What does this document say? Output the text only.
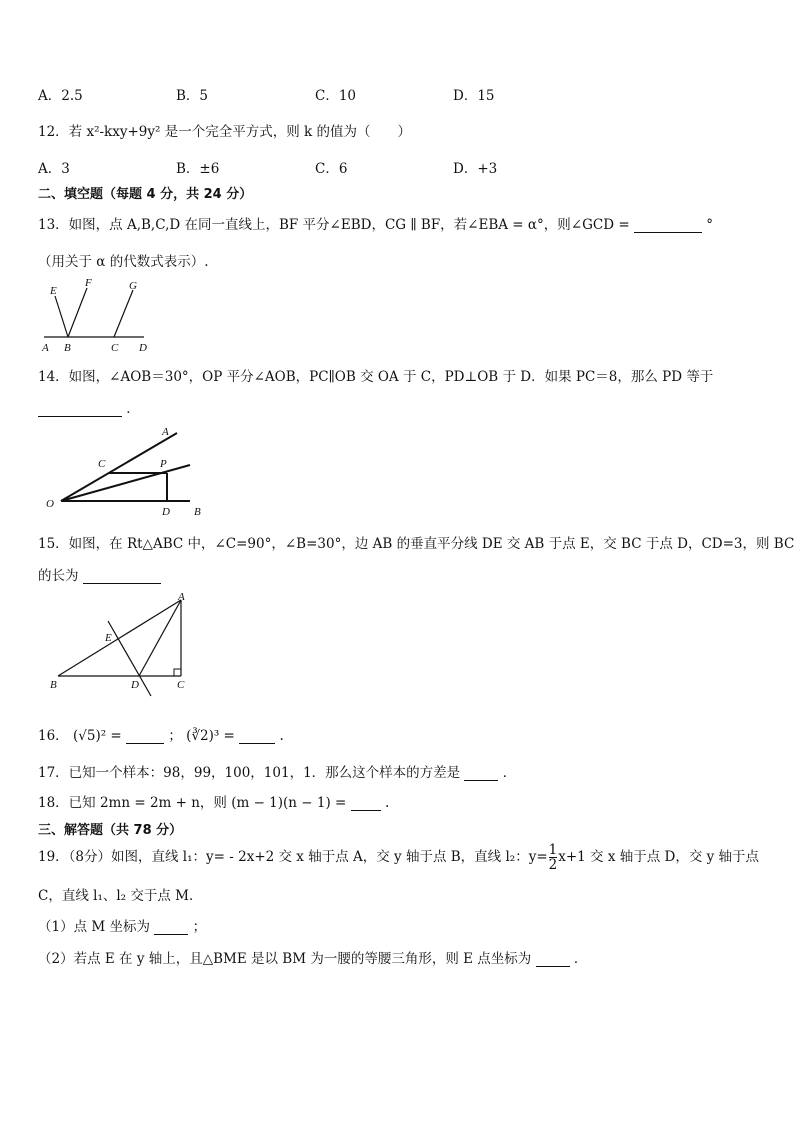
A．2.5	B．5	C．10	D．15
12．若 x²-kxy+9y² 是一个完全平方式，则 k 的值为（　　）
A．3	B．±6	C．6	D．+3
二、填空题（每题 4 分，共 24 分）
13．如图，点 A,B,C,D 在同一直线上，BF 平分∠EBD，CG ∥ BF，若∠EBA = α°，则∠GCD =	°
（用关于 α 的代数式表示）.
E
F	G
A B	C D
14．如图，∠AOB＝30°，OP 平分∠AOB，PC∥OB 交 OA 于 C，PD⊥OB 于 D．如果 PC＝8，那么 PD 等于
．
A
C	P
O
D B
15．如图，在 Rt△ABC 中，∠C=90°，∠B=30°，边 AB 的垂直平分线 DE 交 AB 于点 E，交 BC 于点 D，CD=3，则 BC
的长为
A
E
B	D	C
16． (√5)² =	； (∛2)³ =	.
17．已知一个样本：98，99，100，101，1．那么这个样本的方差是	．
18．已知 2mn = 2m + n，则 (m − 1)(n − 1) =	.
三、解答题（共 78 分）
19．（8分）如图，直线 l₁：y= - 2x+2 交 x 轴于点 A，交 y 轴于点 B，直线 l₂：$y= \frac{1}{2} x+1$ 交 x 轴于点 D，交 y 轴于点
C，直线 l₁、l₂ 交于点 M．
（1）点 M 坐标为	；
（2）若点 E 在 y 轴上，且△BME 是以 BM 为一腰的等腰三角形，则 E 点坐标为	．
